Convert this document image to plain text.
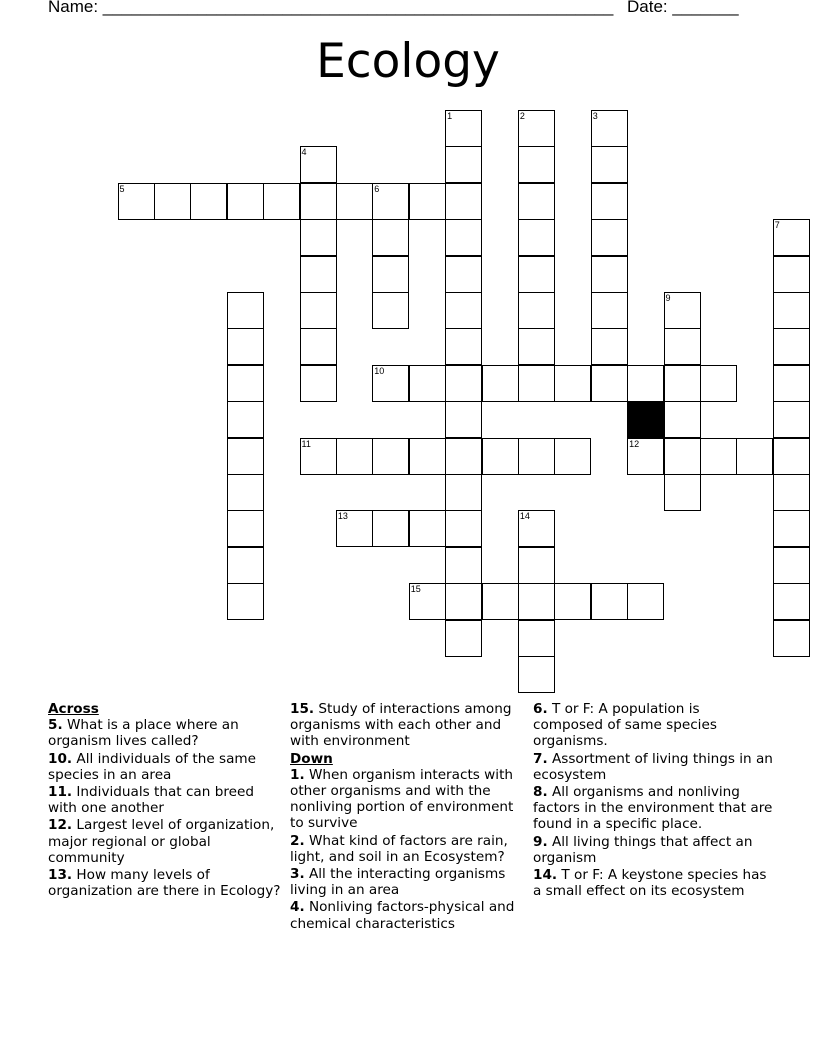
Name: ______________________________________________________ Date: _______
Ecology
1	2	3
4
5	6
7
9
10
11	12
13	14
15
Across
5. What is a place where an organism lives called?
10. All individuals of the same species in an area
11. Individuals that can breed with one another
12. Largest level of organization, major regional or global community
13. How many levels of organization are there in Ecology?
15. Study of interactions among organisms with each other and with environment
Down
1. When organism interacts with other organisms and with the nonliving portion of environment to survive
2. What kind of factors are rain, light, and soil in an Ecosystem?
3. All the interacting organisms living in an area
4. Nonliving factors-physical and chemical characteristics
6. T or F: A population is composed of same species organisms.
7. Assortment of living things in an ecosystem
8. All organisms and nonliving factors in the environment that are found in a specific place.
9. All living things that affect an organism
14. T or F: A keystone species has a small effect on its ecosystem
